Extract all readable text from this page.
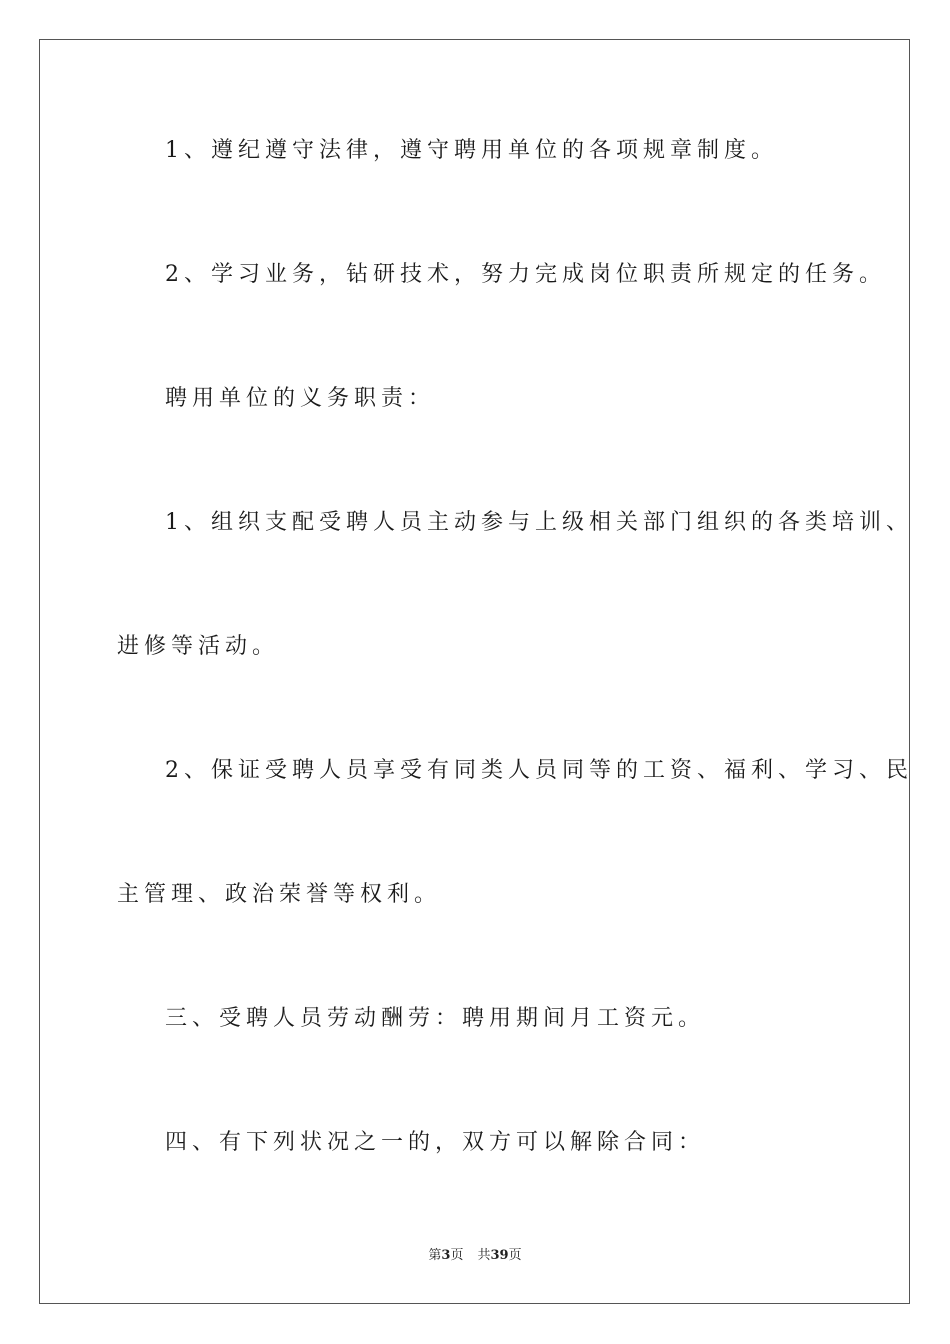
1、遵纪遵守法律，遵守聘用单位的各项规章制度。
2、学习业务，钻研技术，努力完成岗位职责所规定的任务。
聘用单位的义务职责：
1、组织支配受聘人员主动参与上级相关部门组织的各类培训、
进修等活动。
2、保证受聘人员享受有同类人员同等的工资、福利、学习、民
主管理、政治荣誉等权利。
三、受聘人员劳动酬劳：聘用期间月工资元。
四、有下列状况之一的，双方可以解除合同：
第3页 共39页
